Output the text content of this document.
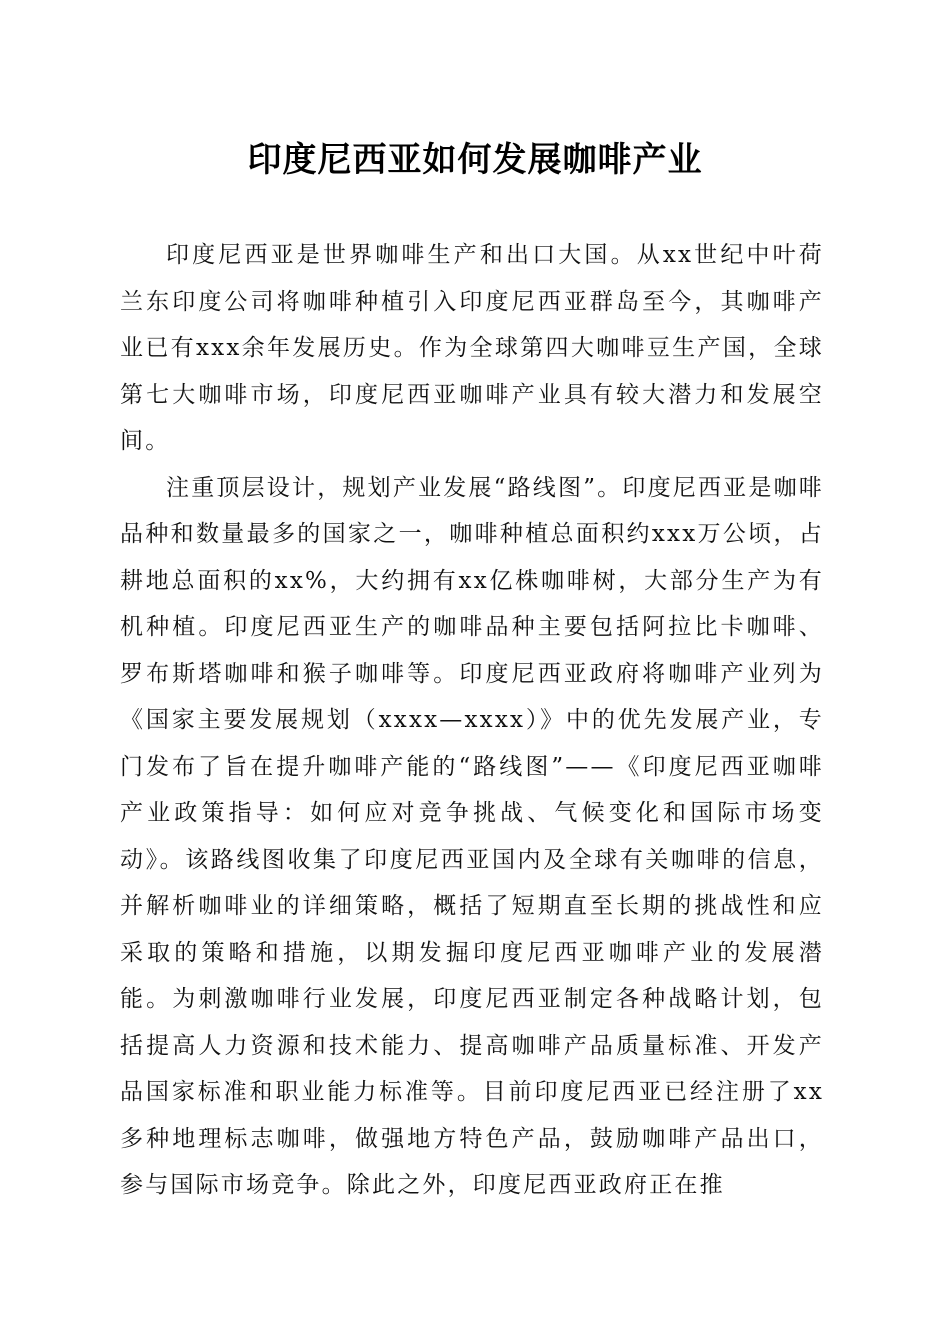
印度尼西亚如何发展咖啡产业

印度尼西亚是世界咖啡生产和出口大国。从xx世纪中叶荷兰东印度公司将咖啡种植引入印度尼西亚群岛至今，其咖啡产业已有xxx余年发展历史。作为全球第四大咖啡豆生产国，全球第七大咖啡市场，印度尼西亚咖啡产业具有较大潜力和发展空间。

注重顶层设计，规划产业发展“路线图”。印度尼西亚是咖啡品种和数量最多的国家之一，咖啡种植总面积约xxx万公顷，占耕地总面积的xx%，大约拥有xx亿株咖啡树，大部分生产为有机种植。印度尼西亚生产的咖啡品种主要包括阿拉比卡咖啡、罗布斯塔咖啡和猴子咖啡等。印度尼西亚政府将咖啡产业列为《国家主要发展规划（xxxx—xxxx）》中的优先发展产业，专门发布了旨在提升咖啡产能的“路线图”——《印度尼西亚咖啡产业政策指导：如何应对竞争挑战、气候变化和国际市场变动》。该路线图收集了印度尼西亚国内及全球有关咖啡的信息，并解析咖啡业的详细策略，概括了短期直至长期的挑战性和应采取的策略和措施，以期发掘印度尼西亚咖啡产业的发展潜能。为刺激咖啡行业发展，印度尼西亚制定各种战略计划，包括提高人力资源和技术能力、提高咖啡产品质量标准、开发产品国家标准和职业能力标准等。目前印度尼西亚已经注册了xx多种地理标志咖啡，做强地方特色产品，鼓励咖啡产品出口，参与国际市场竞争。除此之外，印度尼西亚政府正在推
